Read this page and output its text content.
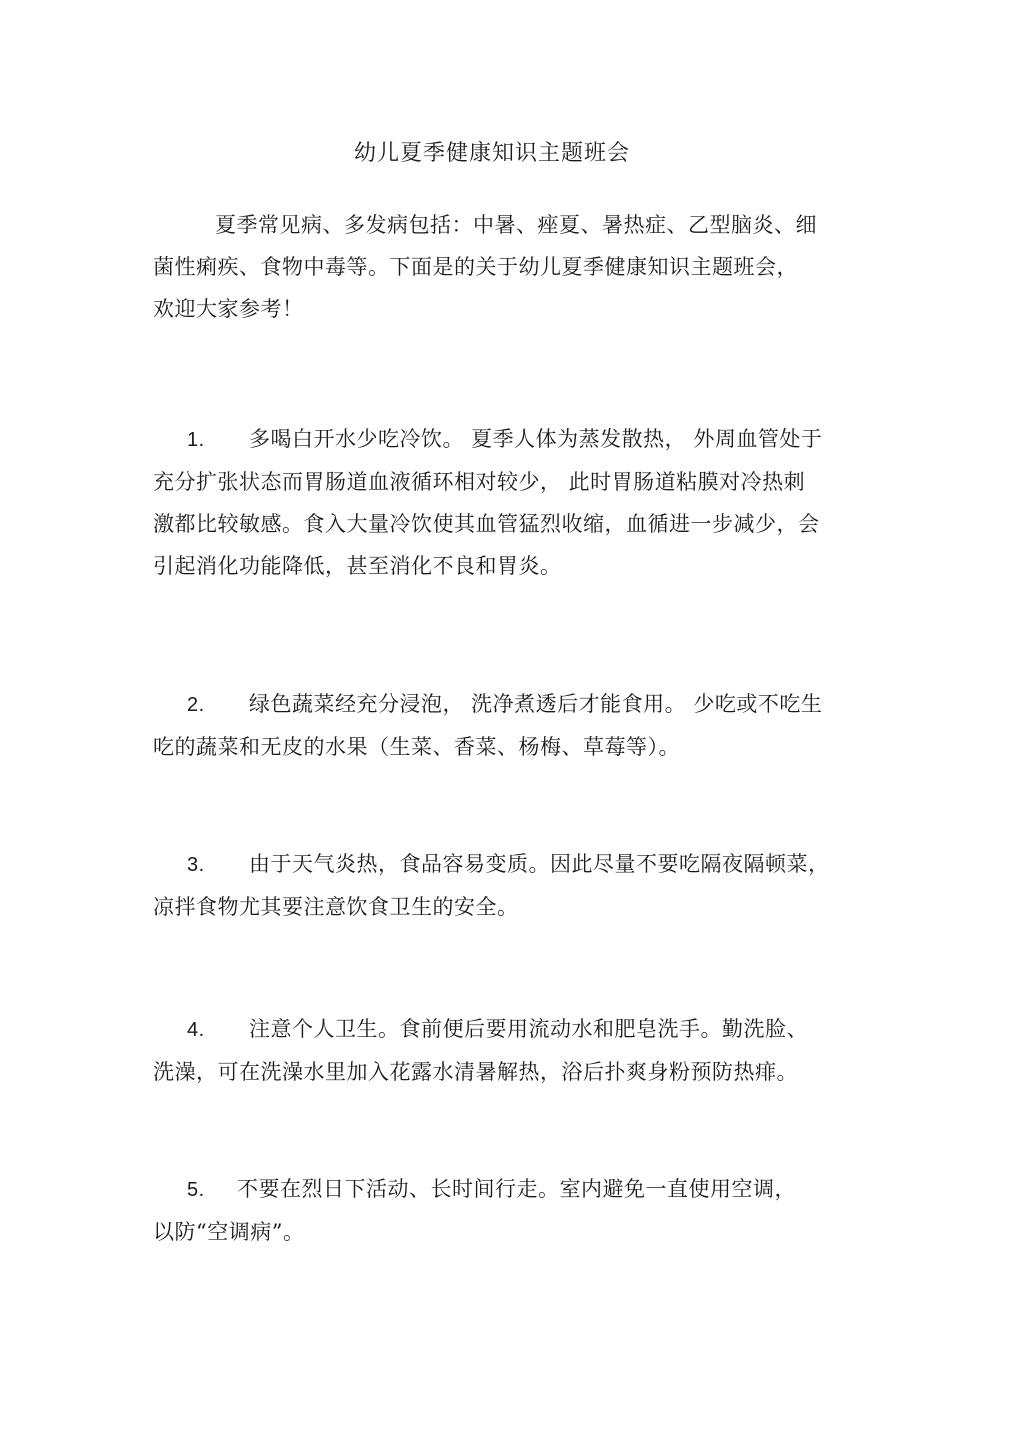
幼儿夏季健康知识主题班会
夏季常见病、多发病包括：中暑、痤夏、暑热症、乙型脑炎、细
菌性痢疾、食物中毒等。下面是的关于幼儿夏季健康知识主题班会，
欢迎大家参考！
1. 多喝白开水少吃冷饮。 夏季人体为蒸发散热， 外周血管处于
充分扩张状态而胃肠道血液循环相对较少， 此时胃肠道粘膜对冷热刺
激都比较敏感。食入大量冷饮使其血管猛烈收缩，血循进一步减少，会
引起消化功能降低，甚至消化不良和胃炎。
2. 绿色蔬菜经充分浸泡， 洗净煮透后才能食用。 少吃或不吃生
吃的蔬菜和无皮的水果（生菜、香菜、杨梅、草莓等）。
3. 由于天气炎热，食品容易变质。因此尽量不要吃隔夜隔顿菜，
凉拌食物尤其要注意饮食卫生的安全。
4. 注意个人卫生。食前便后要用流动水和肥皂洗手。勤洗脸、
洗澡，可在洗澡水里加入花露水清暑解热，浴后扑爽身粉预防热痱。
5. 不要在烈日下活动、长时间行走。室内避免一直使用空调，
以防“空调病”。
